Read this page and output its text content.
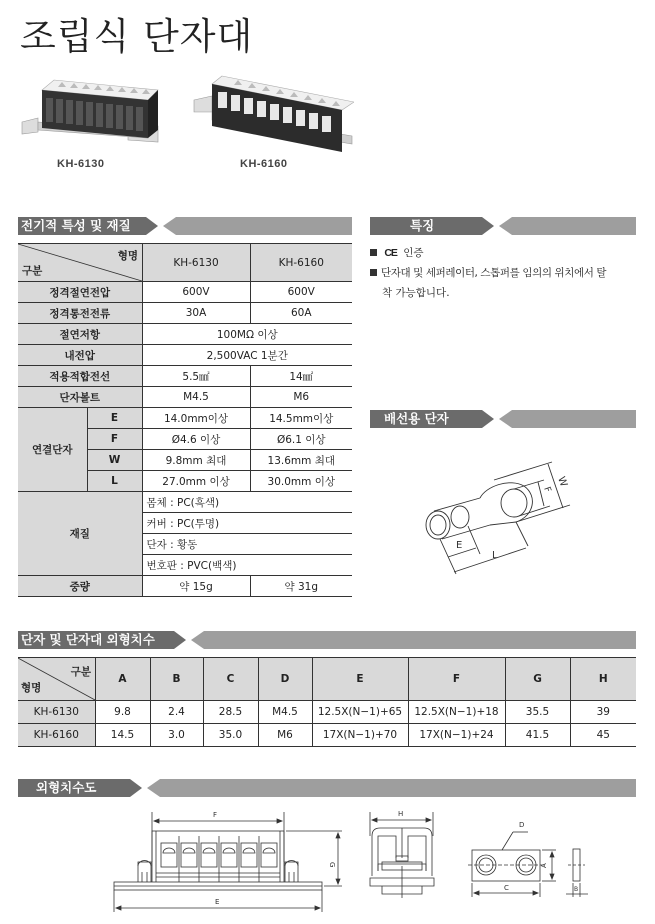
조립식 단자대
KH-6130	KH-6160
전기적 특성 및 재질
형명
구분		KH-6130	KH-6160
정격절연전압		600V	600V
정격통전전류		30A	60A
절연저항		100MΩ 이상	
내전압		2,500VAC 1분간	
적용적합전선		5.5㎟	14㎟
단자볼트		M4.5	M6
연결단자	E	14.0mm이상	14.5mm이상
	F	Ø4.6 이상	Ø6.1 이상
	W	9.8mm 최대	13.6mm 최대
	L	27.0mm 이상	30.0mm 이상
재질		몸체 : PC(흑색)	
		커버 : PC(투명)	
		단자 : 황동	
		번호판 : PVC(백색)	
중량		약 15g	약 31g
특징
CE 인증
단자대 및 세퍼레이터, 스톱퍼를 임의의 위치에서 탈
착 가능합니다.
배선용 단자
W
F
E
L
단자 및 단자대 외형치수
구분
형명	A	B	C	D	E	F	G	H
KH-6130	9.8	2.4	28.5	M4.5	12.5X(N−1)+65	12.5X(N−1)+18	35.5	39
KH-6160	14.5	3.0	35.0	M6	17X(N−1)+70	17X(N−1)+24	41.5	45
외형치수도
F
E
G
H
D
A
C	B
